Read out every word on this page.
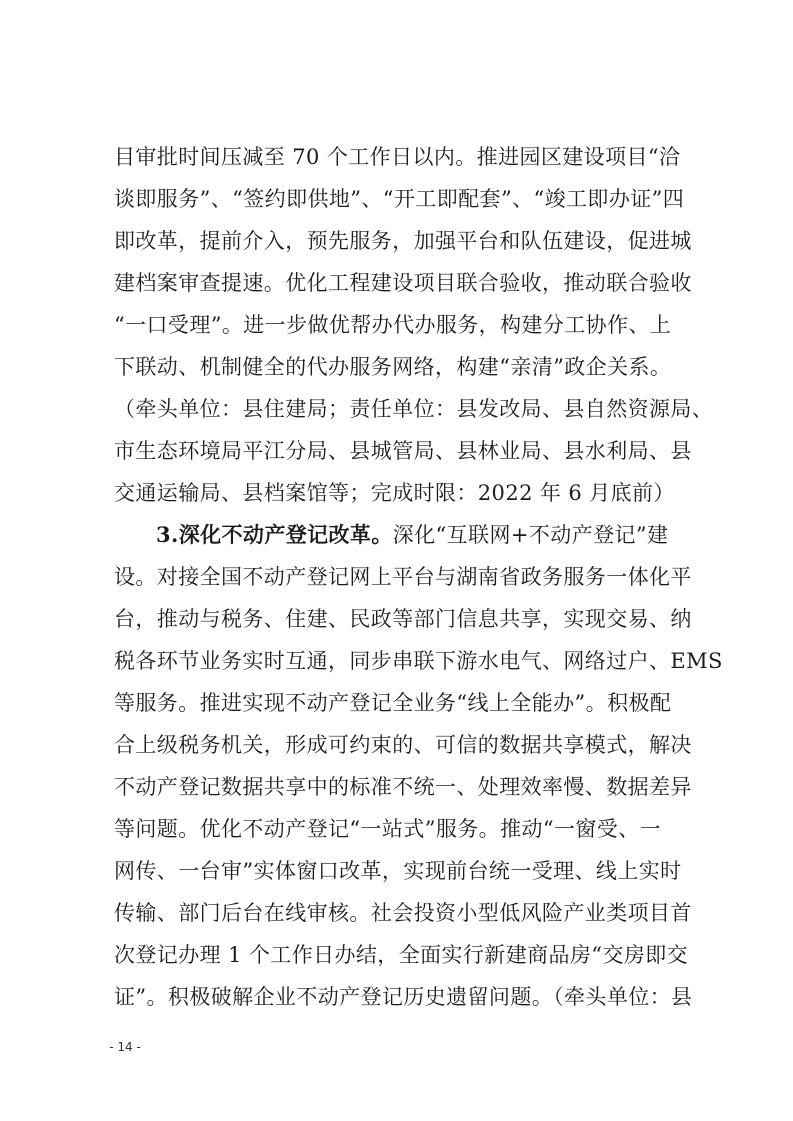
目审批时间压减至 70 个工作日以内。推进园区建设项目“洽
谈即服务”、“签约即供地”、“开工即配套”、“竣工即办证”四
即改革，提前介入，预先服务，加强平台和队伍建设，促进城
建档案审查提速。优化工程建设项目联合验收，推动联合验收
“一口受理”。进一步做优帮办代办服务，构建分工协作、上
下联动、机制健全的代办服务网络，构建“亲清”政企关系。
（牵头单位：县住建局；责任单位：县发改局、县自然资源局、
市生态环境局平江分局、县城管局、县林业局、县水利局、县
交通运输局、县档案馆等；完成时限：2022 年 6 月底前）
3.深化不动产登记改革。深化“互联网+不动产登记”建
设。对接全国不动产登记网上平台与湖南省政务服务一体化平
台，推动与税务、住建、民政等部门信息共享，实现交易、纳
税各环节业务实时互通，同步串联下游水电气、网络过户、EMS
等服务。推进实现不动产登记全业务“线上全能办”。积极配
合上级税务机关，形成可约束的、可信的数据共享模式，解决
不动产登记数据共享中的标准不统一、处理效率慢、数据差异
等问题。优化不动产登记“一站式”服务。推动“一窗受、一
网传、一台审”实体窗口改革，实现前台统一受理、线上实时
传输、部门后台在线审核。社会投资小型低风险产业类项目首
次登记办理 1 个工作日办结，全面实行新建商品房“交房即交
证”。积极破解企业不动产登记历史遗留问题。（牵头单位：县
- 14 -
